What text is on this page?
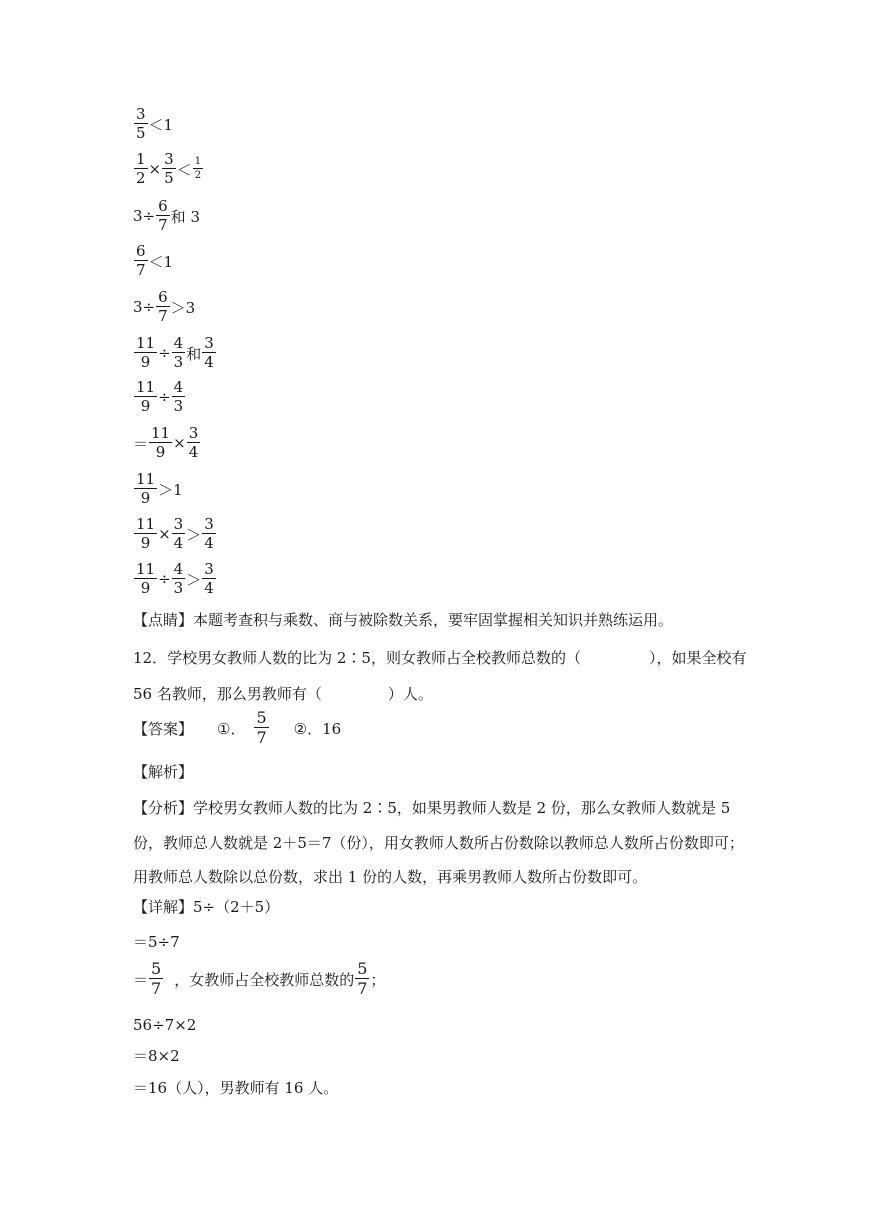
$\frac{3}{5} <1$
$\frac{1}{2} \times \frac{3}{5} < \frac{1}{2}$
$3\div \frac{6}{7}$ 和 3
$\frac{6}{7} <1$
$3\div \frac{6}{7} >3$
$\frac{11}{9} \div \frac{4}{3}$ 和 $\frac{3}{4}$
$\frac{11}{9} \div \frac{4}{3}$
＝ $\frac{11}{9} \times \frac{3}{4}$
$\frac{11}{9} >1$
$\frac{11}{9} \times \frac{3}{4} > \frac{3}{4}$
$\frac{11}{9} \div \frac{4}{3} > \frac{3}{4}$
【点睛】本题考查积与乘数、商与被除数关系，要牢固掌握相关知识并熟练运用。
12．学校男女教师人数的比为 2∶5，则女教师占全校教师总数的（	），如果全校有
56 名教师，那么男教师有（	）人。
【答案】 ①． $\frac{5}{7}$ ②．16
【解析】
【分析】学校男女教师人数的比为 2∶5，如果男教师人数是 2 份，那么女教师人数就是 5
份，教师总人数就是 2＋5＝7（份），用女教师人数所占份数除以教师总人数所占份数即可；
用教师总人数除以总份数，求出 1 份的人数，再乘男教师人数所占份数即可。
【详解】5÷（2＋5）
＝5÷7
＝ $\frac{5}{7}$ ，女教师占全校教师总数的 $\frac{5}{7}$ ；
56÷7×2
＝8×2
＝16（人），男教师有 16 人。
